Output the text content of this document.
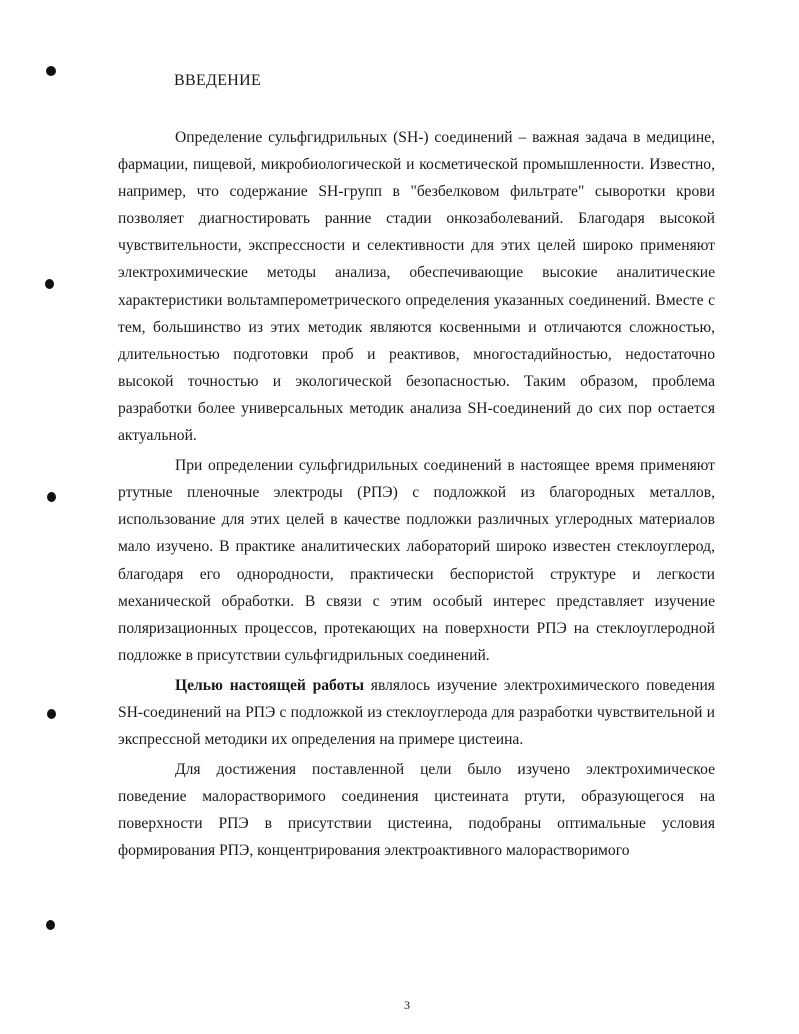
ВВЕДЕНИЕ

Определение сульфгидрильных (SH-) соединений – важная задача в медицине, фармации, пищевой, микробиологической и косметической промышленности. Известно, например, что содержание SH-групп в "безбелковом фильтрате" сыворотки крови позволяет диагностировать ранние стадии онкозаболеваний. Благодаря высокой чувствительности, экспрессности и селективности для этих целей широко применяют электрохимические методы анализа, обеспечивающие высокие аналитические характеристики вольтамперометрического определения указанных соединений. Вместе с тем, большинство из этих методик являются косвенными и отличаются сложностью, длительностью подготовки проб и реактивов, многостадийностью, недостаточно высокой точностью и экологической безопасностью. Таким образом, проблема разработки более универсальных методик анализа SH-соединений до сих пор остается актуальной.

При определении сульфгидрильных соединений в настоящее время применяют ртутные пленочные электроды (РПЭ) с подложкой из благородных металлов, использование для этих целей в качестве подложки различных углеродных материалов мало изучено. В практике аналитических лабораторий широко известен стеклоуглерод, благодаря его однородности, практически беспористой структуре и легкости механической обработки. В связи с этим особый интерес представляет изучение поляризационных процессов, протекающих на поверхности РПЭ на стеклоуглеродной подложке в присутствии сульфгидрильных соединений.

Целью настоящей работы являлось изучение электрохимического поведения SH-соединений на РПЭ с подложкой из стеклоуглерода для разработки чувствительной и экспрессной методики их определения на примере цистеина.

Для достижения поставленной цели было изучено электрохимическое поведение малорастворимого соединения цистеината ртути, образующегося на поверхности РПЭ в присутствии цистеина, подобраны оптимальные условия формирования РПЭ, концентрирования электроактивного малорастворимого

3
